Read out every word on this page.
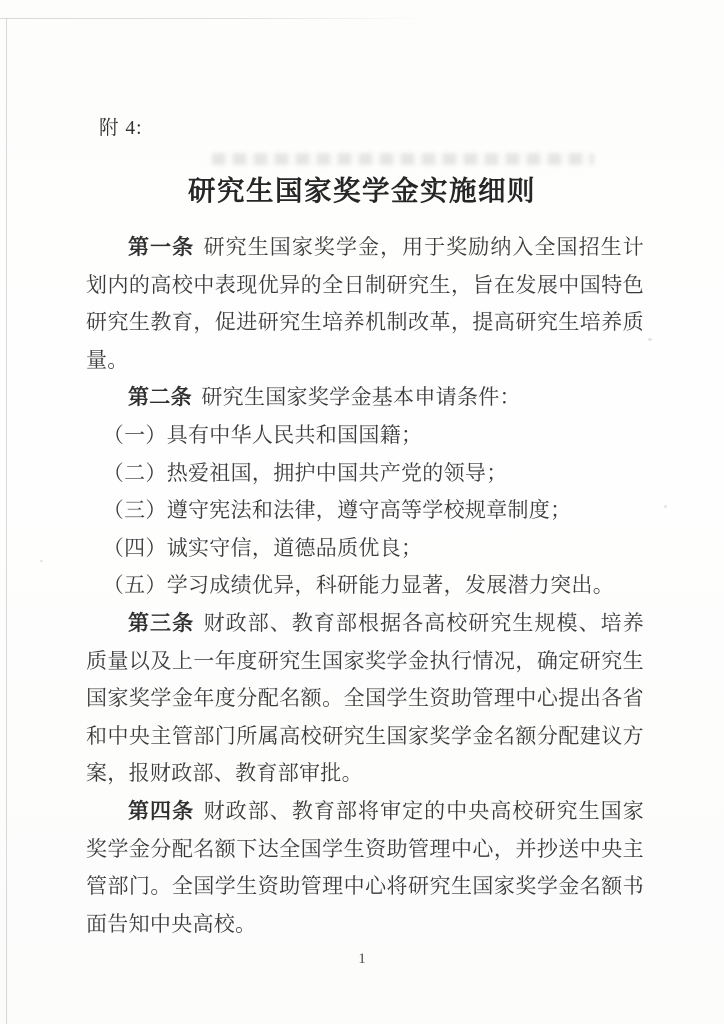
附 4:
研究生国家奖学金实施细则

第一条 研究生国家奖学金，用于奖励纳入全国招生计划内的高校中表现优异的全日制研究生，旨在发展中国特色研究生教育，促进研究生培养机制改革，提高研究生培养质量。

第二条 研究生国家奖学金基本申请条件：

（一）具有中华人民共和国国籍；

（二）热爱祖国，拥护中国共产党的领导；

（三）遵守宪法和法律，遵守高等学校规章制度；

（四）诚实守信，道德品质优良；

（五）学习成绩优异，科研能力显著，发展潜力突出。

第三条 财政部、教育部根据各高校研究生规模、培养质量以及上一年度研究生国家奖学金执行情况，确定研究生国家奖学金年度分配名额。全国学生资助管理中心提出各省和中央主管部门所属高校研究生国家奖学金名额分配建议方案，报财政部、教育部审批。

第四条 财政部、教育部将审定的中央高校研究生国家奖学金分配名额下达全国学生资助管理中心，并抄送中央主管部门。全国学生资助管理中心将研究生国家奖学金名额书面告知中央高校。

1
